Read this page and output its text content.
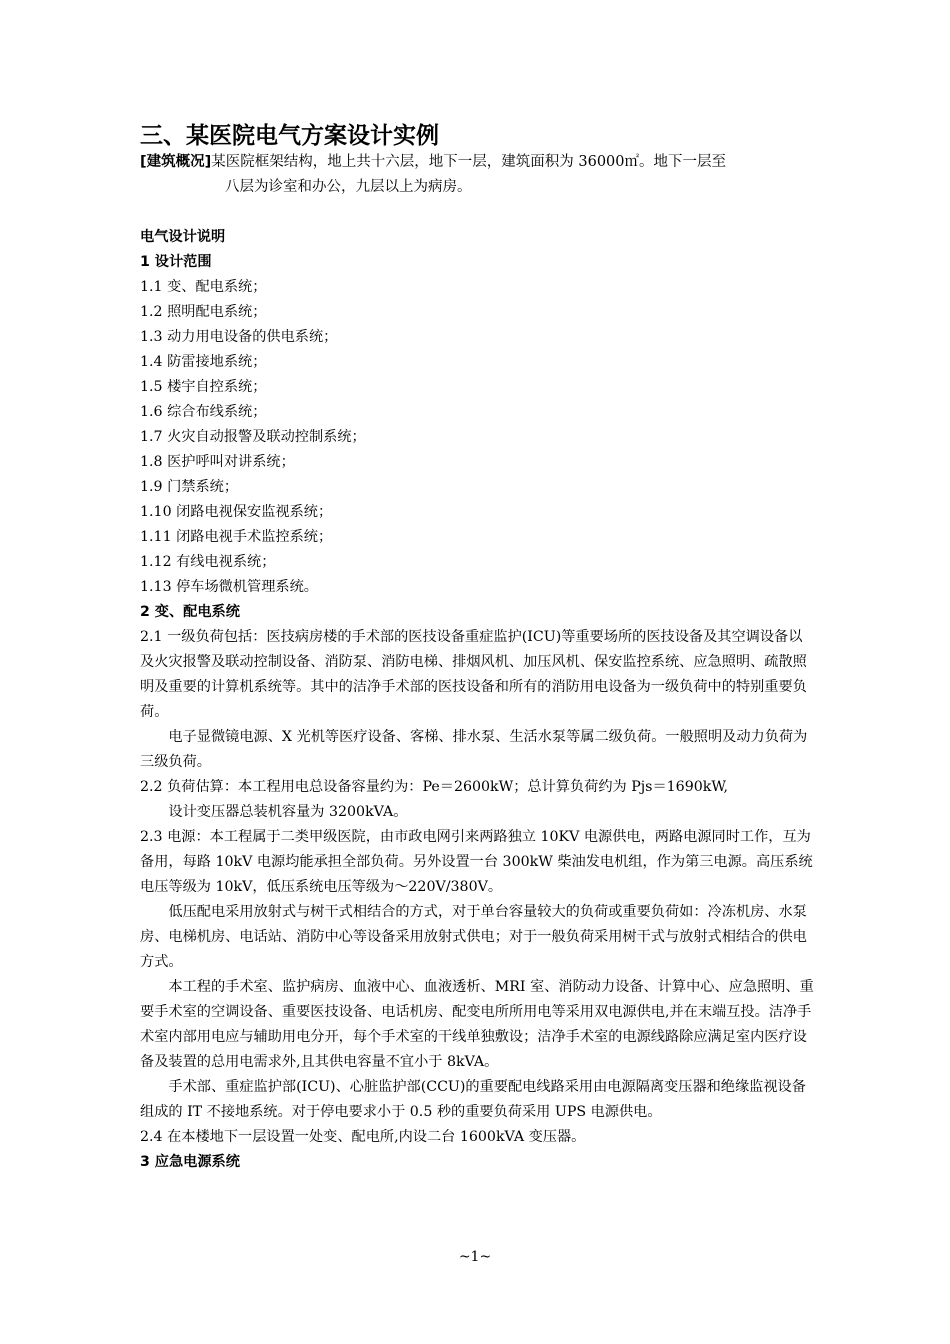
三、某医院电气方案设计实例
[建筑概况]某医院框架结构，地上共十六层，地下一层，建筑面积为 36000㎡。地下一层至
八层为诊室和办公，九层以上为病房。
电气设计说明
1 设计范围
1.1 变、配电系统；
1.2 照明配电系统；
1.3 动力用电设备的供电系统；
1.4 防雷接地系统；
1.5 楼宇自控系统；
1.6 综合布线系统；
1.7 火灾自动报警及联动控制系统；
1.8 医护呼叫对讲系统；
1.9 门禁系统；
1.10 闭路电视保安监视系统；
1.11 闭路电视手术监控系统；
1.12 有线电视系统；
1.13 停车场微机管理系统。
2 变、配电系统
2.1 一级负荷包括：医技病房楼的手术部的医技设备重症监护(ICU)等重要场所的医技设备及其空调设备以及火灾报警及联动控制设备、消防泵、消防电梯、排烟风机、加压风机、保安监控系统、应急照明、疏散照明及重要的计算机系统等。其中的洁净手术部的医技设备和所有的消防用电设备为一级负荷中的特别重要负荷。
电子显微镜电源、X 光机等医疗设备、客梯、排水泵、生活水泵等属二级负荷。一般照明及动力负荷为三级负荷。
2.2 负荷估算：本工程用电总设备容量约为：Pe＝2600kW；总计算负荷约为 Pjs＝1690kW,
设计变压器总装机容量为 3200kVA。
2.3 电源：本工程属于二类甲级医院，由市政电网引来两路独立 10KV 电源供电，两路电源同时工作，互为备用，每路 10kV 电源均能承担全部负荷。另外设置一台 300kW 柴油发电机组，作为第三电源。高压系统电压等级为 10kV，低压系统电压等级为～220V/380V。
低压配电采用放射式与树干式相结合的方式，对于单台容量较大的负荷或重要负荷如：冷冻机房、水泵房、电梯机房、电话站、消防中心等设备采用放射式供电；对于一般负荷采用树干式与放射式相结合的供电方式。
本工程的手术室、监护病房、血液中心、血液透析、MRI 室、消防动力设备、计算中心、应急照明、重要手术室的空调设备、重要医技设备、电话机房、配变电所所用电等采用双电源供电,并在末端互投。洁净手术室内部用电应与辅助用电分开，每个手术室的干线单独敷设；洁净手术室的电源线路除应满足室内医疗设备及装置的总用电需求外,且其供电容量不宜小于 8kVA。
手术部、重症监护部(ICU)、心脏监护部(CCU)的重要配电线路采用由电源隔离变压器和绝缘监视设备组成的 IT 不接地系统。对于停电要求小于 0.5 秒的重要负荷采用 UPS 电源供电。
2.4 在本楼地下一层设置一处变、配电所,内设二台 1600kVA 变压器。
3 应急电源系统
~1~
